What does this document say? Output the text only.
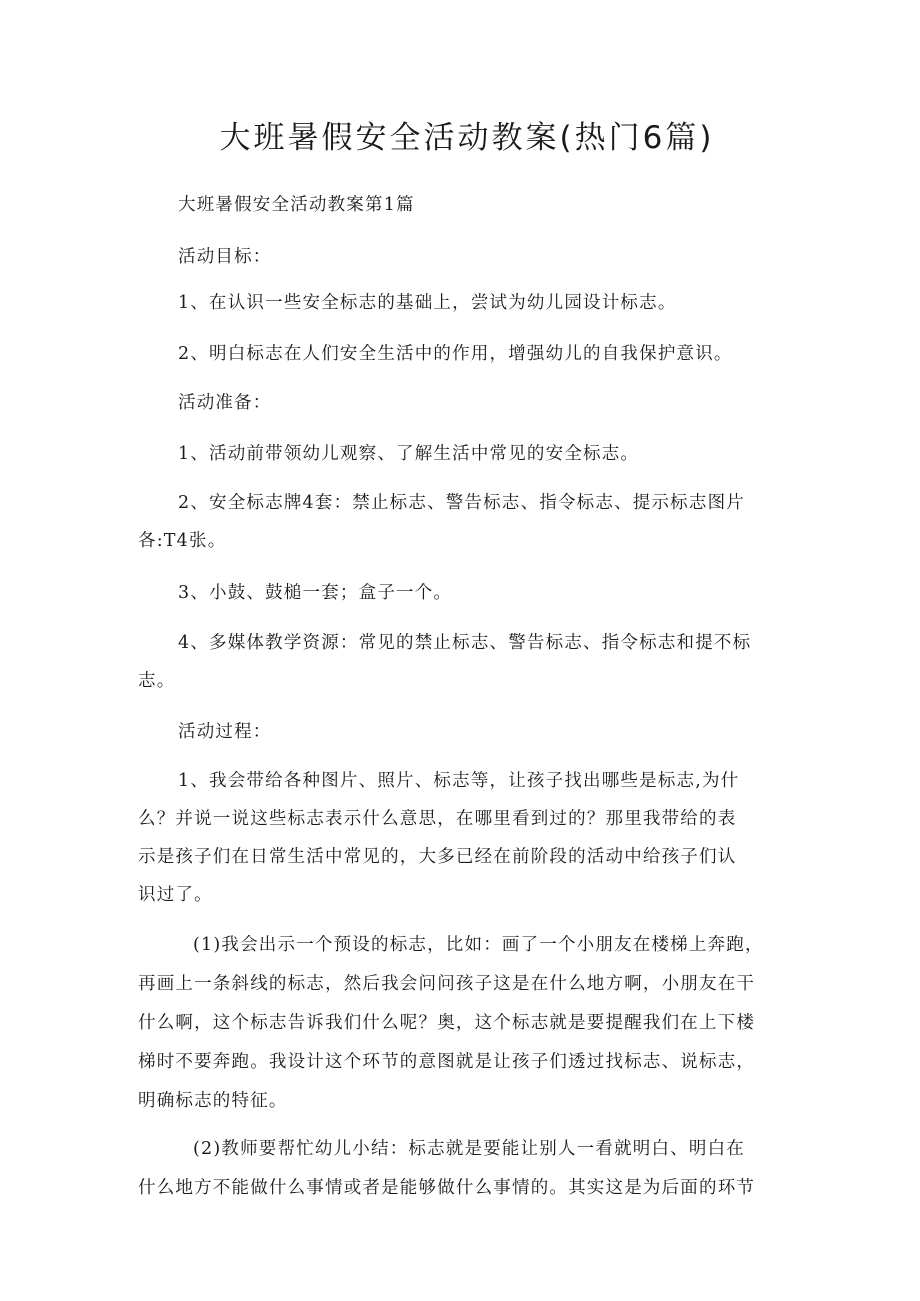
大班暑假安全活动教案(热门6篇)

大班暑假安全活动教案第1篇

活动目标：

1、在认识一些安全标志的基础上，尝试为幼儿园设计标志。

2、明白标志在人们安全生活中的作用，增强幼儿的自我保护意识。

活动准备：

1、活动前带领幼儿观察、了解生活中常见的安全标志。

2、安全标志牌4套：禁止标志、警告标志、指令标志、提示标志图片

各:T4张。

3、小鼓、鼓槌一套；盒子一个。

4、多媒体教学资源：常见的禁止标志、警告标志、指令标志和提不标

志。

活动过程：

1、我会带给各种图片、照片、标志等，让孩子找出哪些是标志,为什

么？并说一说这些标志表示什么意思，在哪里看到过的？那里我带给的表

示是孩子们在日常生活中常见的，大多已经在前阶段的活动中给孩子们认

识过了。

(1)我会出示一个预设的标志，比如：画了一个小朋友在楼梯上奔跑，

再画上一条斜线的标志，然后我会问问孩子这是在什么地方啊，小朋友在干

什么啊，这个标志告诉我们什么呢？奥，这个标志就是要提醒我们在上下楼

梯时不要奔跑。我设计这个环节的意图就是让孩子们透过找标志、说标志，

明确标志的特征。

(2)教师要帮忙幼儿小结：标志就是要能让别人一看就明白、明白在

什么地方不能做什么事情或者是能够做什么事情的。其实这是为后面的环节
